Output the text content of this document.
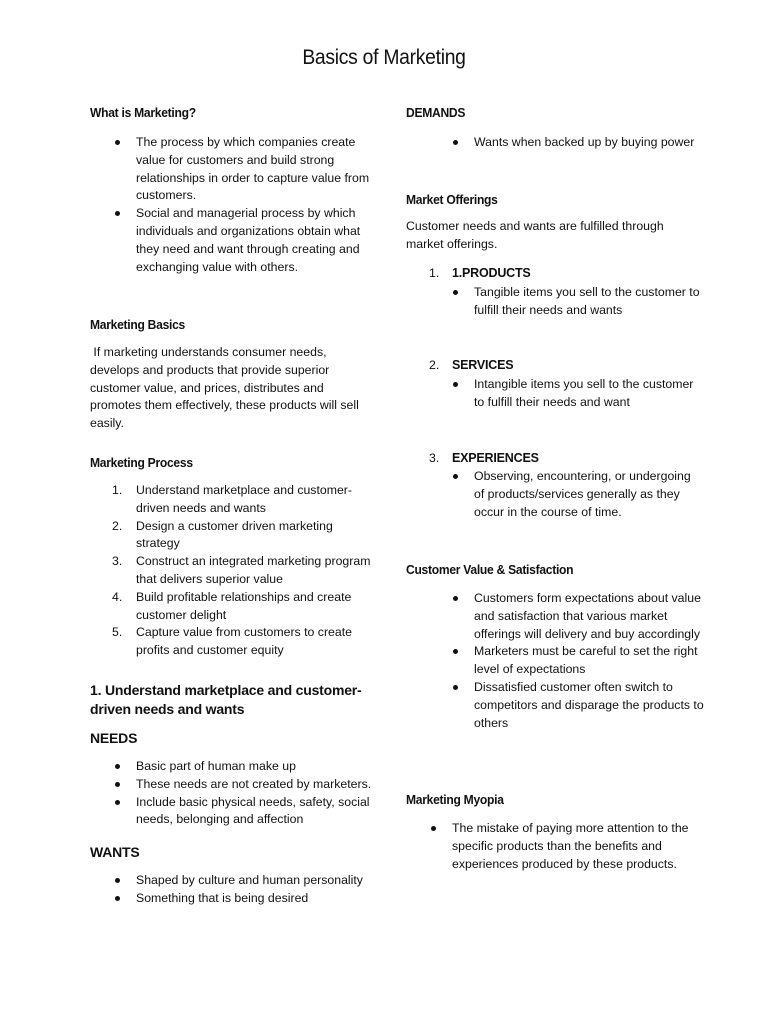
Basics of Marketing
What is Marketing?
The process by which companies create value for customers and build strong relationships in order to capture value from customers.
Social and managerial process by which individuals and organizations obtain what they need and want through creating and exchanging value with others.
Marketing Basics
If marketing understands consumer needs, develops and products that provide superior customer value, and prices, distributes and promotes them effectively, these products will sell easily.
Marketing Process
1. Understand marketplace and customer-driven needs and wants
2. Design a customer driven marketing strategy
3. Construct an integrated marketing program that delivers superior value
4. Build profitable relationships and create customer delight
5. Capture value from customers to create profits and customer equity
1. Understand marketplace and customer-driven needs and wants
NEEDS
Basic part of human make up
These needs are not created by marketers.
Include basic physical needs, safety, social needs, belonging and affection
WANTS
Shaped by culture and human personality
Something that is being desired
DEMANDS
Wants when backed up by buying power
Market Offerings
Customer needs and wants are fulfilled through market offerings.
1. 1.PRODUCTS
Tangible items you sell to the customer to fulfill their needs and wants
2. SERVICES
Intangible items you sell to the customer to fulfill their needs and want
3. EXPERIENCES
Observing, encountering, or undergoing of products/services generally as they occur in the course of time.
Customer Value & Satisfaction
Customers form expectations about value and satisfaction that various market offerings will delivery and buy accordingly
Marketers must be careful to set the right level of expectations
Dissatisfied customer often switch to competitors and disparage the products to others
Marketing Myopia
The mistake of paying more attention to the specific products than the benefits and experiences produced by these products.
